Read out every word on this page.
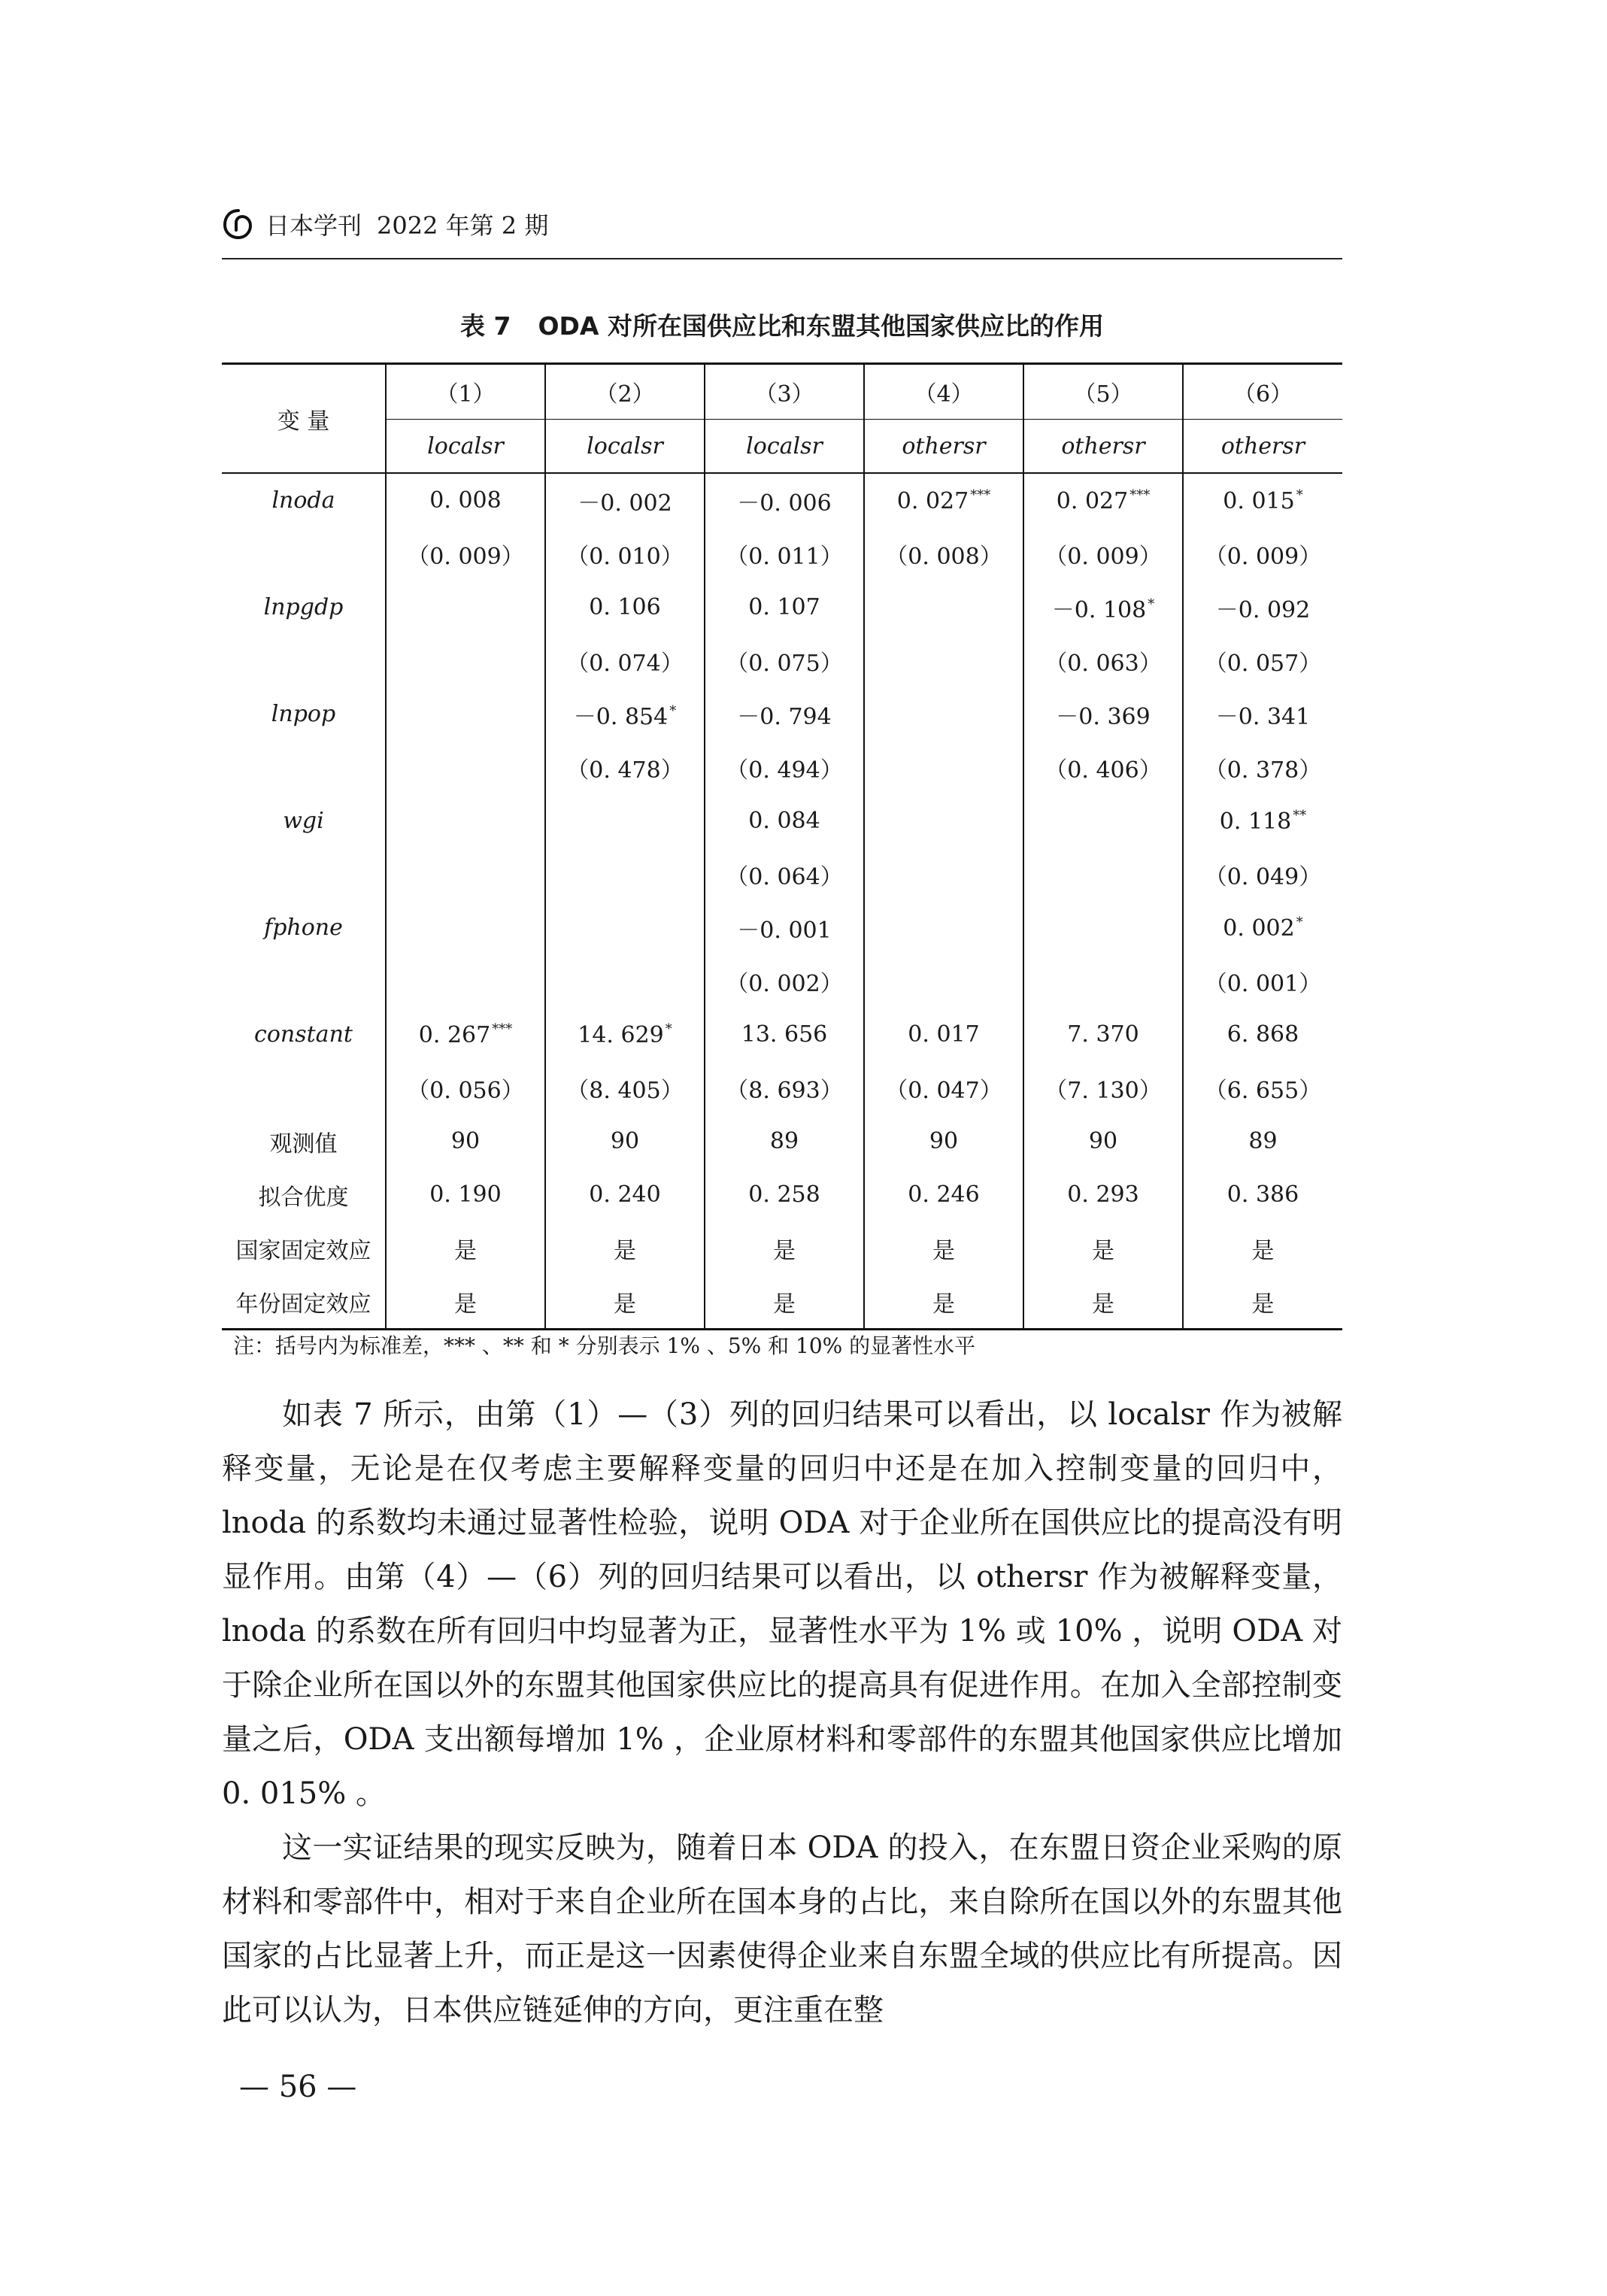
日本学刊 2022 年第 2 期
表 7 ODA 对所在国供应比和东盟其他国家供应比的作用
变 量	（1）	（2）	（3）	（4）	（5）	（6）
	localsr	localsr	localsr	othersr	othersr	othersr
lnoda	0. 008	－0. 002	－0. 006	0. 027 ***	0. 027 ***	0. 015 *
	（0. 009）	（0. 010）	（0. 011）	（0. 008）	（0. 009）	（0. 009）
lnpgdp		0. 106	0. 107		－0. 108 *	－0. 092
		（0. 074）	（0. 075）		（0. 063）	（0. 057）
lnpop		－0. 854 *	－0. 794		－0. 369	－0. 341
		（0. 478）	（0. 494）		（0. 406）	（0. 378）
wgi			0. 084			0. 118 **
			（0. 064）			（0. 049）
fphone			－0. 001			0. 002 *
			（0. 002）			（0. 001）
constant	0. 267 ***	14. 629 *	13. 656	0. 017	7. 370	6. 868
	（0. 056）	（8. 405）	（8. 693）	（0. 047）	（7. 130）	（6. 655）
观测值	90	90	89	90	90	89
拟合优度	0. 190	0. 240	0. 258	0. 246	0. 293	0. 386
国家固定效应	是	是	是	是	是	是
年份固定效应	是	是	是	是	是	是
注：括号内为标准差，*** 、** 和 * 分别表示 1% 、5% 和 10% 的显著性水平

如表 7 所示，由第（1）—（3）列的回归结果可以看出，以 localsr 作为被解释变量，无论是在仅考虑主要解释变量的回归中还是在加入控制变量的回归中，lnoda 的系数均未通过显著性检验，说明 ODA 对于企业所在国供应比的提高没有明显作用。由第（4）—（6）列的回归结果可以看出，以 othersr 作为被解释变量，lnoda 的系数在所有回归中均显著为正，显著性水平为 1% 或 10% ，说明 ODA 对于除企业所在国以外的东盟其他国家供应比的提高具有促进作用。在加入全部控制变量之后，ODA 支出额每增加 1% ，企业原材料和零部件的东盟其他国家供应比增加 0. 015% 。

这一实证结果的现实反映为，随着日本 ODA 的投入，在东盟日资企业采购的原材料和零部件中，相对于来自企业所在国本身的占比，来自除所在国以外的东盟其他国家的占比显著上升，而正是这一因素使得企业来自东盟全域的供应比有所提高。因此可以认为，日本供应链延伸的方向，更注重在整

— 56 —
